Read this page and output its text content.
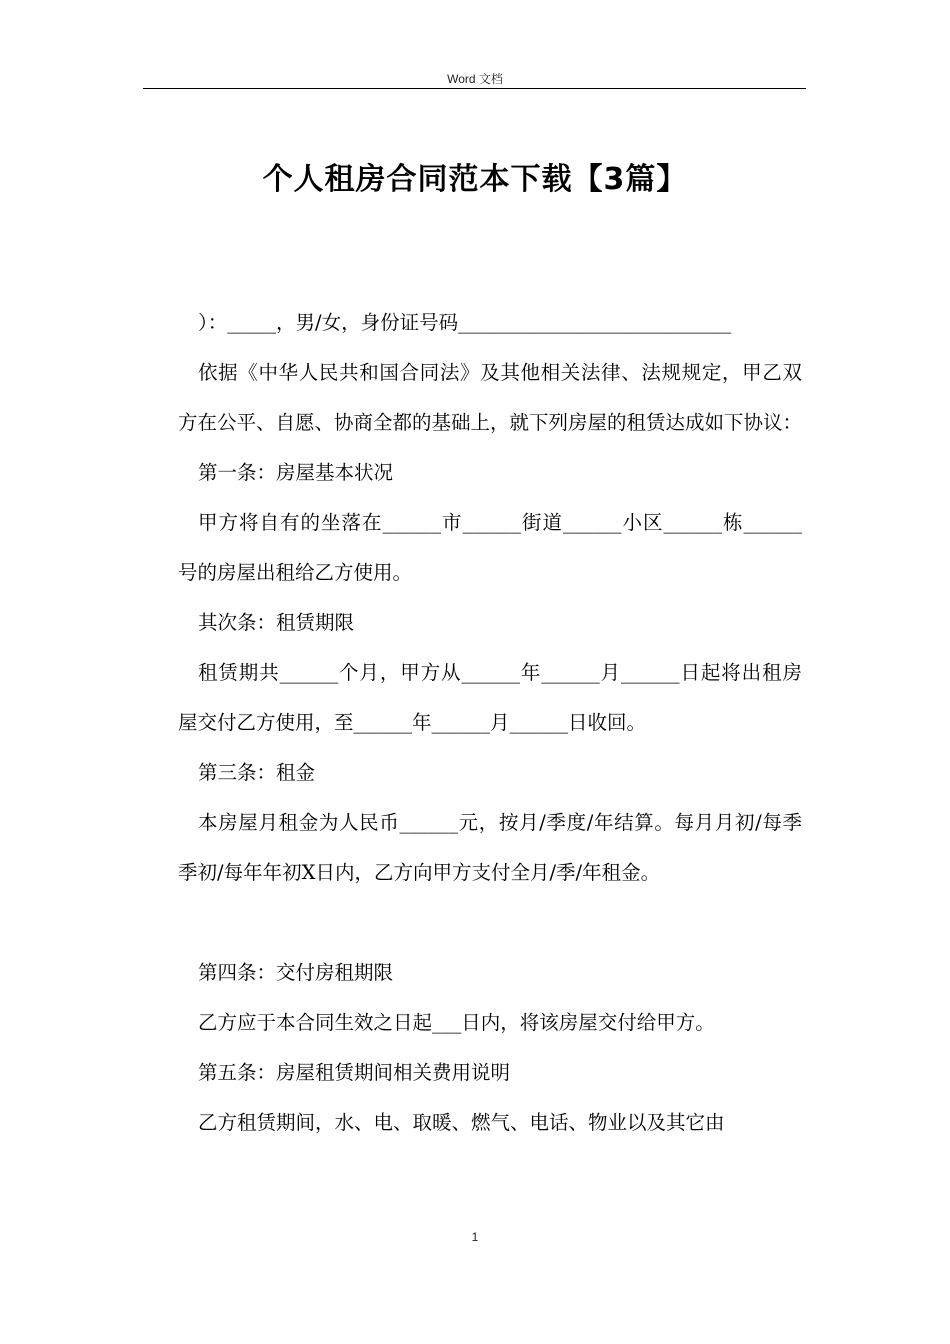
Word 文档
个人租房合同范本下载【3篇】

）：_____，男/女，身份证号码____________________________

依据《中华人民共和国合同法》及其他相关法律、法规规定，甲乙双方在公平、自愿、协商全都的基础上，就下列房屋的租赁达成如下协议：

第一条：房屋基本状况

甲方将自有的坐落在______市______街道______小区______栋______号的房屋出租给乙方使用。

其次条：租赁期限

租赁期共______个月，甲方从______年______月______日起将出租房屋交付乙方使用，至______年______月______日收回。

第三条：租金

本房屋月租金为人民币______元，按月/季度/年结算。每月月初/每季季初/每年年初X日内，乙方向甲方支付全月/季/年租金。

第四条：交付房租期限

乙方应于本合同生效之日起___日内，将该房屋交付给甲方。

第五条：房屋租赁期间相关费用说明

乙方租赁期间，水、电、取暖、燃气、电话、物业以及其它由

1
